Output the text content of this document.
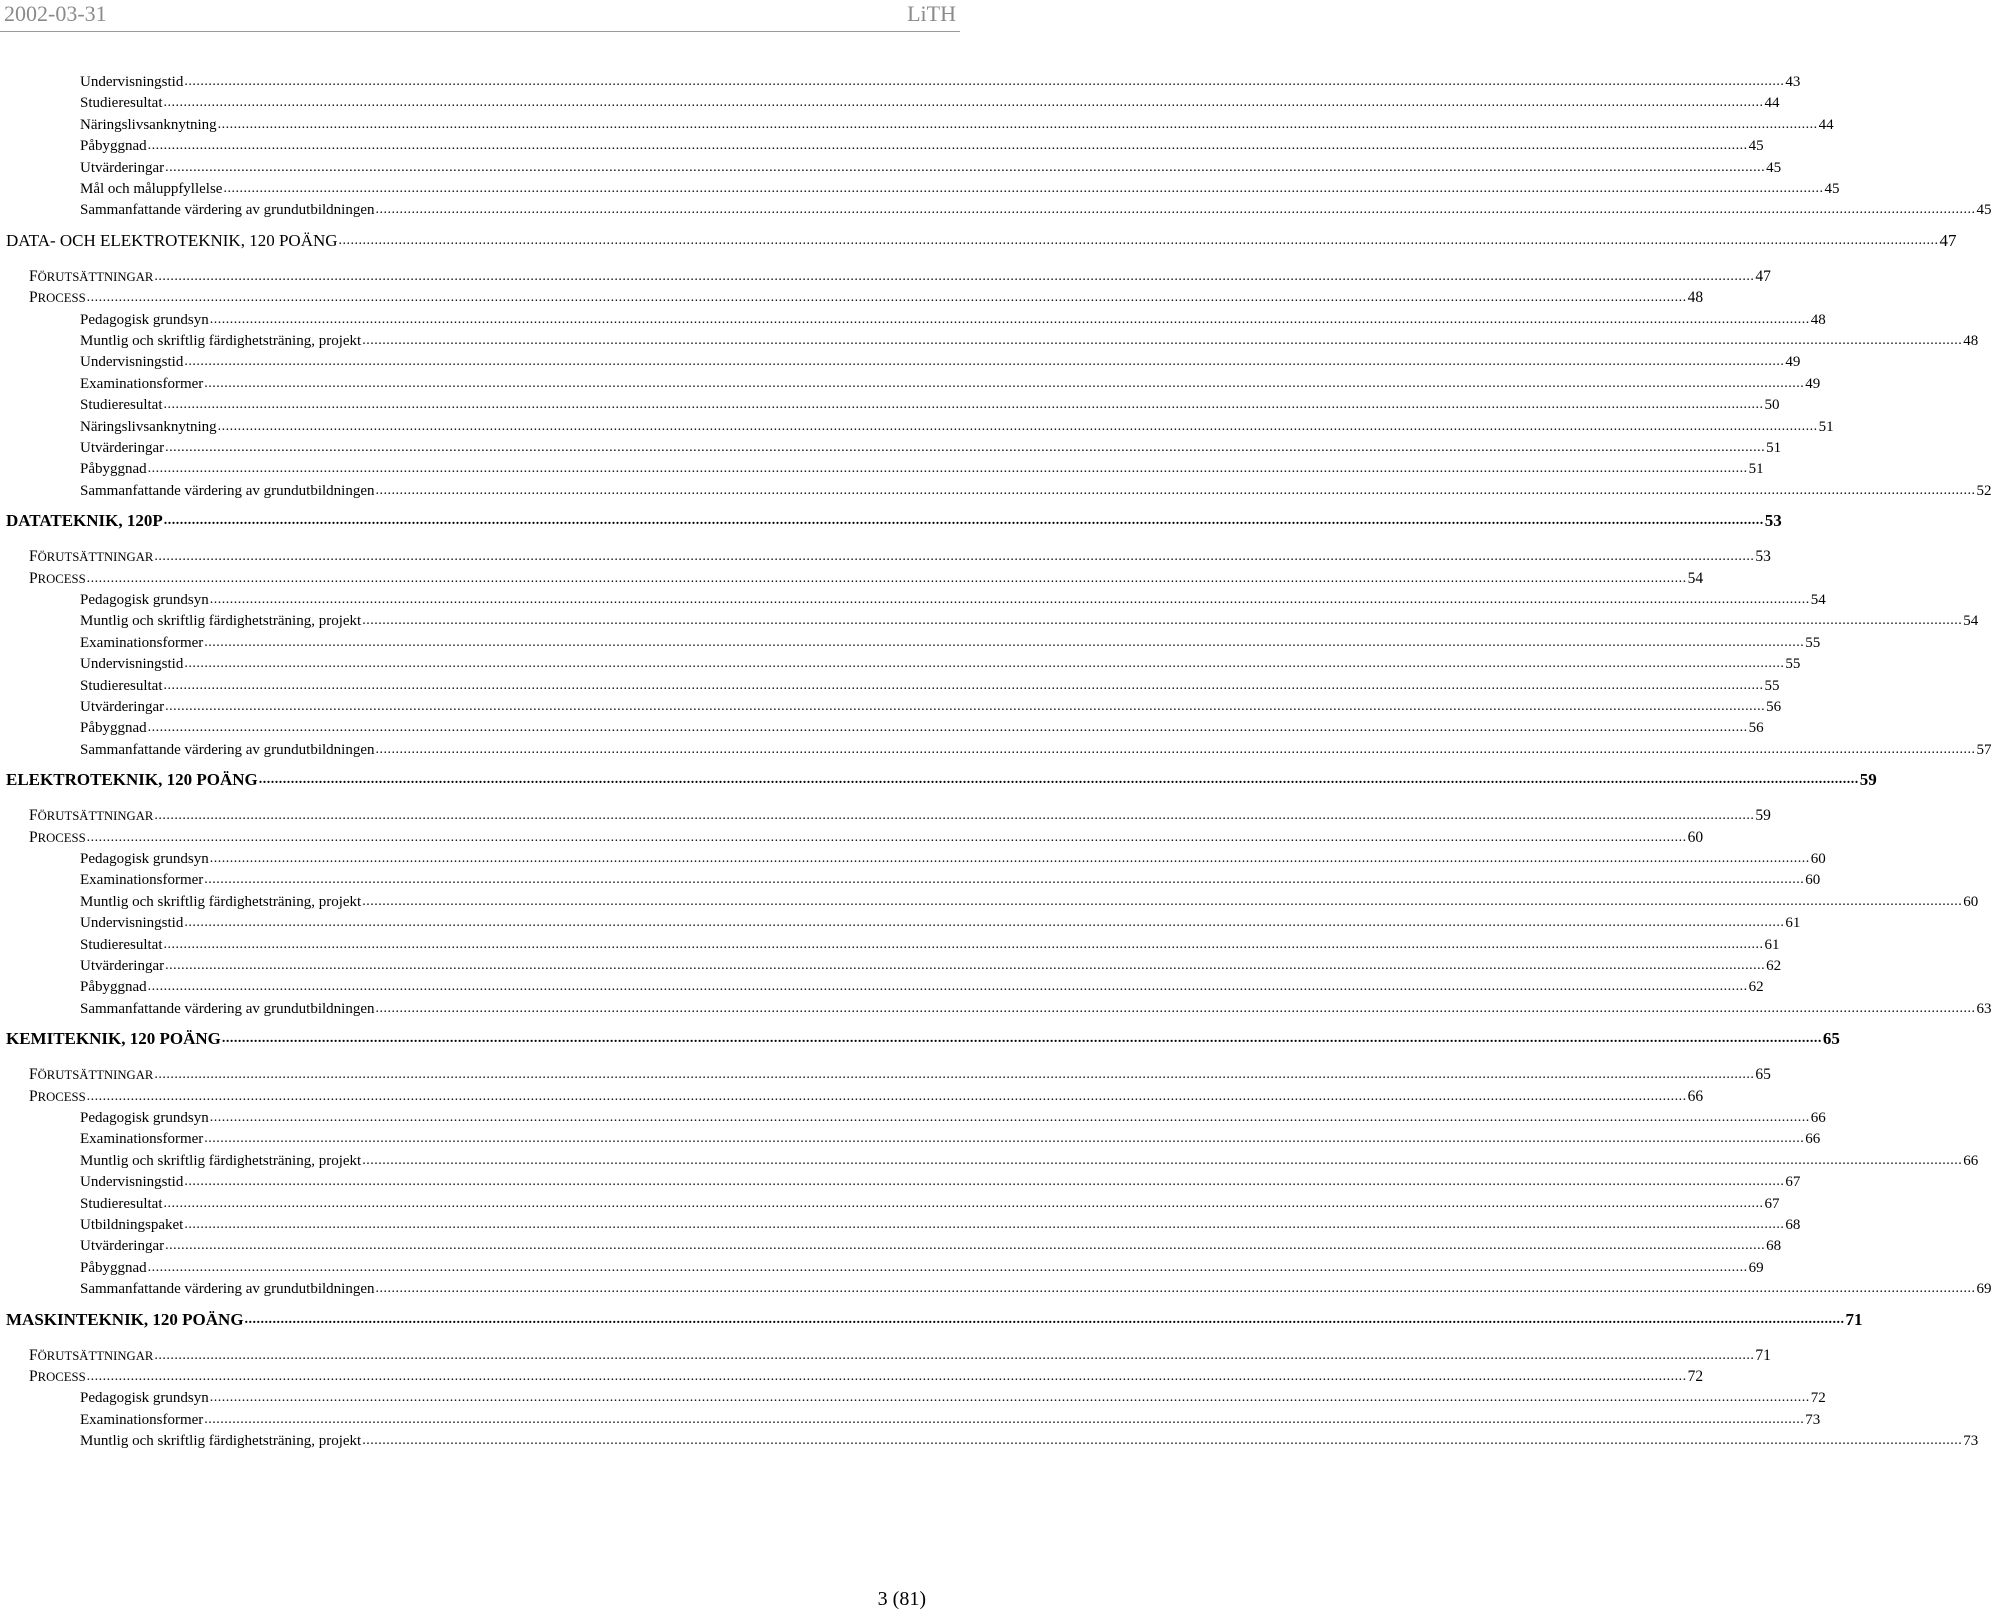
2002-03-31	LiTH
Undervisningstid ................................................................................................................................................................................................................................................................................................................................................................................................................ 43
Studieresultat ................................................................................................................................................................................................................................................................................................................................................................................................................ 44
Näringslivsanknytning ................................................................................................................................................................................................................................................................................................................................................................................................................ 44
Påbyggnad ................................................................................................................................................................................................................................................................................................................................................................................................................ 45
Utvärderingar ................................................................................................................................................................................................................................................................................................................................................................................................................ 45
Mål och måluppfyllelse ................................................................................................................................................................................................................................................................................................................................................................................................................ 45
Sammanfattande värdering av grundutbildningen ................................................................................................................................................................................................................................................................................................................................................................................................................ 45
DATA- OCH ELEKTROTEKNIK, 120 POÄNG ................................................................................................................................................................................................................................................................................................................................................................................................................ 47
FÖRUTSÄTTNINGAR ................................................................................................................................................................................................................................................................................................................................................................................................................ 47
PROCESS ................................................................................................................................................................................................................................................................................................................................................................................................................ 48
Pedagogisk grundsyn ................................................................................................................................................................................................................................................................................................................................................................................................................ 48
Muntlig och skriftlig färdighetsträning, projekt ................................................................................................................................................................................................................................................................................................................................................................................................................ 48
Undervisningstid ................................................................................................................................................................................................................................................................................................................................................................................................................ 49
Examinationsformer ................................................................................................................................................................................................................................................................................................................................................................................................................ 49
Studieresultat ................................................................................................................................................................................................................................................................................................................................................................................................................ 50
Näringslivsanknytning ................................................................................................................................................................................................................................................................................................................................................................................................................ 51
Utvärderingar ................................................................................................................................................................................................................................................................................................................................................................................................................ 51
Påbyggnad ................................................................................................................................................................................................................................................................................................................................................................................................................ 51
Sammanfattande värdering av grundutbildningen ................................................................................................................................................................................................................................................................................................................................................................................................................ 52
DATATEKNIK, 120P ................................................................................................................................................................................................................................................................................................................................................................................................................ 53
FÖRUTSÄTTNINGAR ................................................................................................................................................................................................................................................................................................................................................................................................................ 53
PROCESS ................................................................................................................................................................................................................................................................................................................................................................................................................ 54
Pedagogisk grundsyn ................................................................................................................................................................................................................................................................................................................................................................................................................ 54
Muntlig och skriftlig färdighetsträning, projekt ................................................................................................................................................................................................................................................................................................................................................................................................................ 54
Examinationsformer ................................................................................................................................................................................................................................................................................................................................................................................................................ 55
Undervisningstid ................................................................................................................................................................................................................................................................................................................................................................................................................ 55
Studieresultat ................................................................................................................................................................................................................................................................................................................................................................................................................ 55
Utvärderingar ................................................................................................................................................................................................................................................................................................................................................................................................................ 56
Påbyggnad ................................................................................................................................................................................................................................................................................................................................................................................................................ 56
Sammanfattande värdering av grundutbildningen ................................................................................................................................................................................................................................................................................................................................................................................................................ 57
ELEKTROTEKNIK, 120 POÄNG ................................................................................................................................................................................................................................................................................................................................................................................................................ 59
FÖRUTSÄTTNINGAR ................................................................................................................................................................................................................................................................................................................................................................................................................ 59
PROCESS ................................................................................................................................................................................................................................................................................................................................................................................................................ 60
Pedagogisk grundsyn ................................................................................................................................................................................................................................................................................................................................................................................................................ 60
Examinationsformer ................................................................................................................................................................................................................................................................................................................................................................................................................ 60
Muntlig och skriftlig färdighetsträning, projekt ................................................................................................................................................................................................................................................................................................................................................................................................................ 60
Undervisningstid ................................................................................................................................................................................................................................................................................................................................................................................................................ 61
Studieresultat ................................................................................................................................................................................................................................................................................................................................................................................................................ 61
Utvärderingar ................................................................................................................................................................................................................................................................................................................................................................................................................ 62
Påbyggnad ................................................................................................................................................................................................................................................................................................................................................................................................................ 62
Sammanfattande värdering av grundutbildningen ................................................................................................................................................................................................................................................................................................................................................................................................................ 63
KEMITEKNIK, 120 POÄNG ................................................................................................................................................................................................................................................................................................................................................................................................................ 65
FÖRUTSÄTTNINGAR ................................................................................................................................................................................................................................................................................................................................................................................................................ 65
PROCESS ................................................................................................................................................................................................................................................................................................................................................................................................................ 66
Pedagogisk grundsyn ................................................................................................................................................................................................................................................................................................................................................................................................................ 66
Examinationsformer ................................................................................................................................................................................................................................................................................................................................................................................................................ 66
Muntlig och skriftlig färdighetsträning, projekt ................................................................................................................................................................................................................................................................................................................................................................................................................ 66
Undervisningstid ................................................................................................................................................................................................................................................................................................................................................................................................................ 67
Studieresultat ................................................................................................................................................................................................................................................................................................................................................................................................................ 67
Utbildningspaket ................................................................................................................................................................................................................................................................................................................................................................................................................ 68
Utvärderingar ................................................................................................................................................................................................................................................................................................................................................................................................................ 68
Påbyggnad ................................................................................................................................................................................................................................................................................................................................................................................................................ 69
Sammanfattande värdering av grundutbildningen ................................................................................................................................................................................................................................................................................................................................................................................................................ 69
MASKINTEKNIK, 120 POÄNG ................................................................................................................................................................................................................................................................................................................................................................................................................ 71
FÖRUTSÄTTNINGAR ................................................................................................................................................................................................................................................................................................................................................................................................................ 71
PROCESS ................................................................................................................................................................................................................................................................................................................................................................................................................ 72
Pedagogisk grundsyn ................................................................................................................................................................................................................................................................................................................................................................................................................ 72
Examinationsformer ................................................................................................................................................................................................................................................................................................................................................................................................................ 73
Muntlig och skriftlig färdighetsträning, projekt ................................................................................................................................................................................................................................................................................................................................................................................................................ 73
3 (81)
